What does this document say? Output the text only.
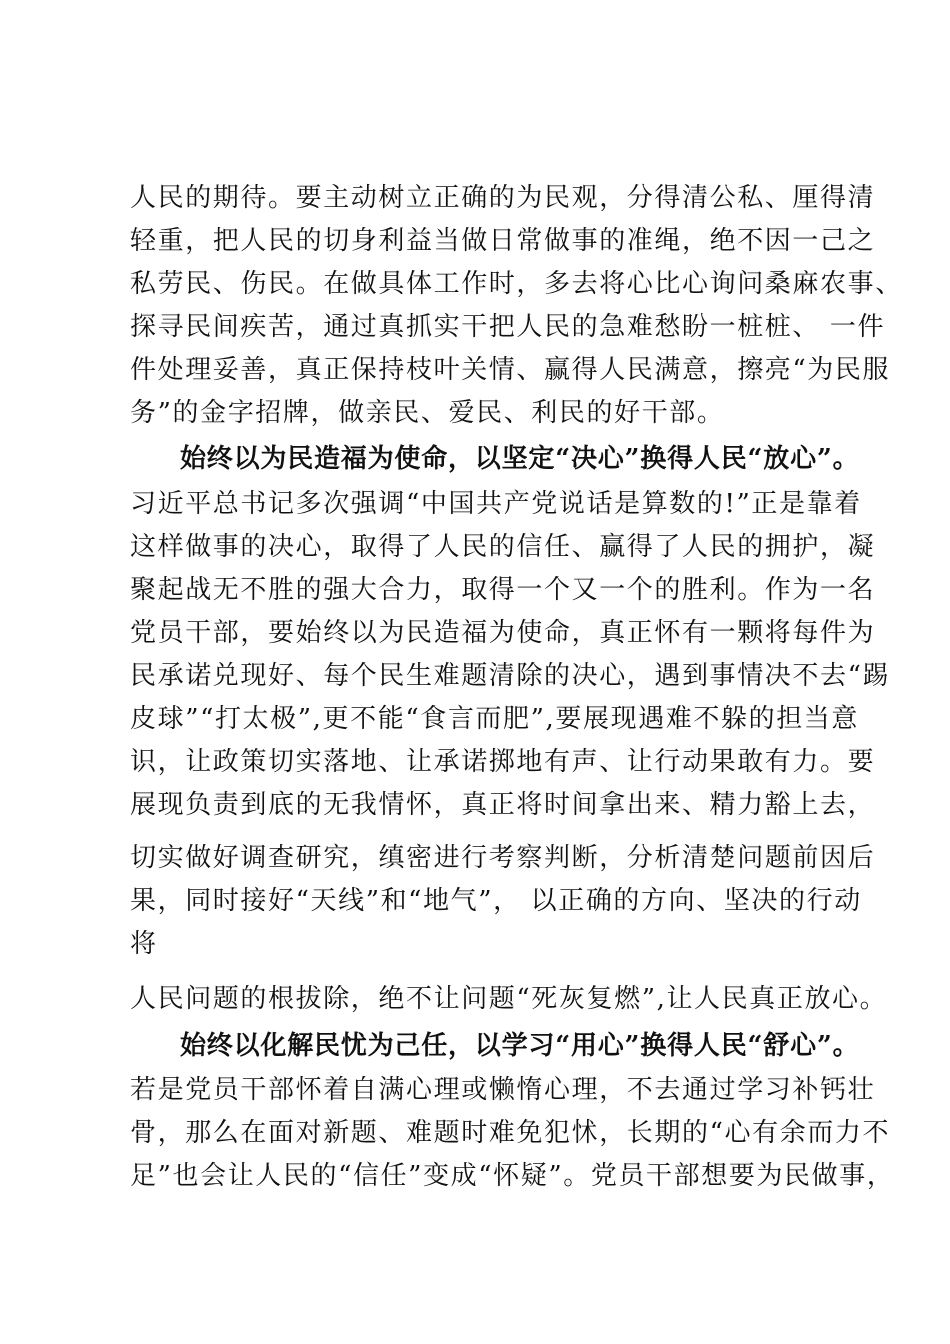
人民的期待。要主动树立正确的为民观，分得清公私、厘得清
轻重，把人民的切身利益当做日常做事的准绳，绝不因一己之
私劳民、伤民。在做具体工作时，多去将心比心询问桑麻农事、
探寻民间疾苦，通过真抓实干把人民的急难愁盼一桩桩、 一件
件处理妥善，真正保持枝叶关情、赢得人民满意，擦亮“为民服
务”的金字招牌，做亲民、爱民、利民的好干部。
始终以为民造福为使命，以坚定“决心”换得人民“放心”。
习近平总书记多次强调“中国共产党说话是算数的!”正是靠着
这样做事的决心，取得了人民的信任、赢得了人民的拥护，凝
聚起战无不胜的强大合力，取得一个又一个的胜利。作为一名
党员干部，要始终以为民造福为使命，真正怀有一颗将每件为
民承诺兑现好、每个民生难题清除的决心，遇到事情决不去“踢
皮球”“打太极”,更不能“食言而肥”,要展现遇难不躲的担当意
识，让政策切实落地、让承诺掷地有声、让行动果敢有力。要
展现负责到底的无我情怀，真正将时间拿出来、精力豁上去，
切实做好调查研究，缜密进行考察判断，分析清楚问题前因后
果，同时接好“天线”和“地气”， 以正确的方向、坚决的行动
将
人民问题的根拔除，绝不让问题“死灰复燃”,让人民真正放心。
始终以化解民忧为己任，以学习“用心”换得人民“舒心”。
若是党员干部怀着自满心理或懒惰心理，不去通过学习补钙壮
骨，那么在面对新题、难题时难免犯怵，长期的“心有余而力不
足”也会让人民的“信任”变成“怀疑”。党员干部想要为民做事，
